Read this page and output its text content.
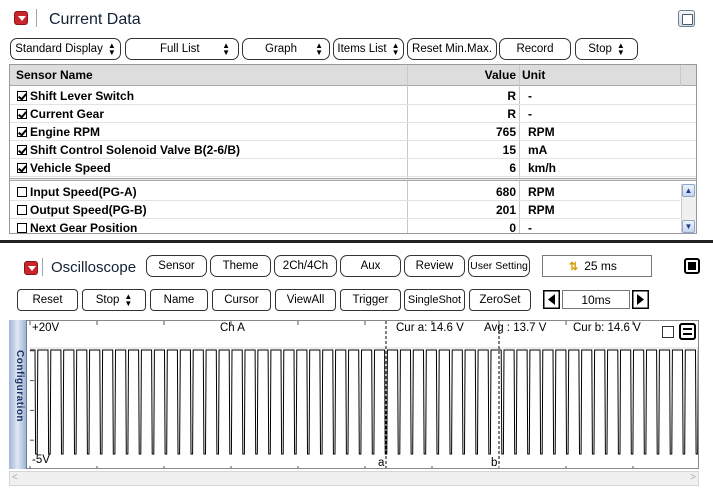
Current Data
Standard Display ▲
▼	Full List	▲
▼	Graph ▲
▼ Items List ▲
▼ Reset Min.Max. Record	Stop ▲
▼
Sensor Name	Value Unit
Shift Lever Switch	R -
Current Gear	R -
Engine RPM	765 RPM
Shift Control Solenoid Valve B(2-6/B)	15 mA
Vehicle Speed	6 km/h
Input Speed(PG-A)	680 RPM
Output Speed(PG-B)	201 RPM
Next Gear Position	0 -
▲
▼
Oscilloscope Sensor Theme 2Ch/4Ch	Aux	Review User Setting	⇅ 25 ms
Reset	Stop ▲
▼	Name	Cursor ViewAll Trigger SingleShot ZeroSet	10ms
+20V
-5V
Ch A	Cur a: 14.6 V Avg : 13.7 V Cur b: 14.6 V
a	b
Configuration
<	>
